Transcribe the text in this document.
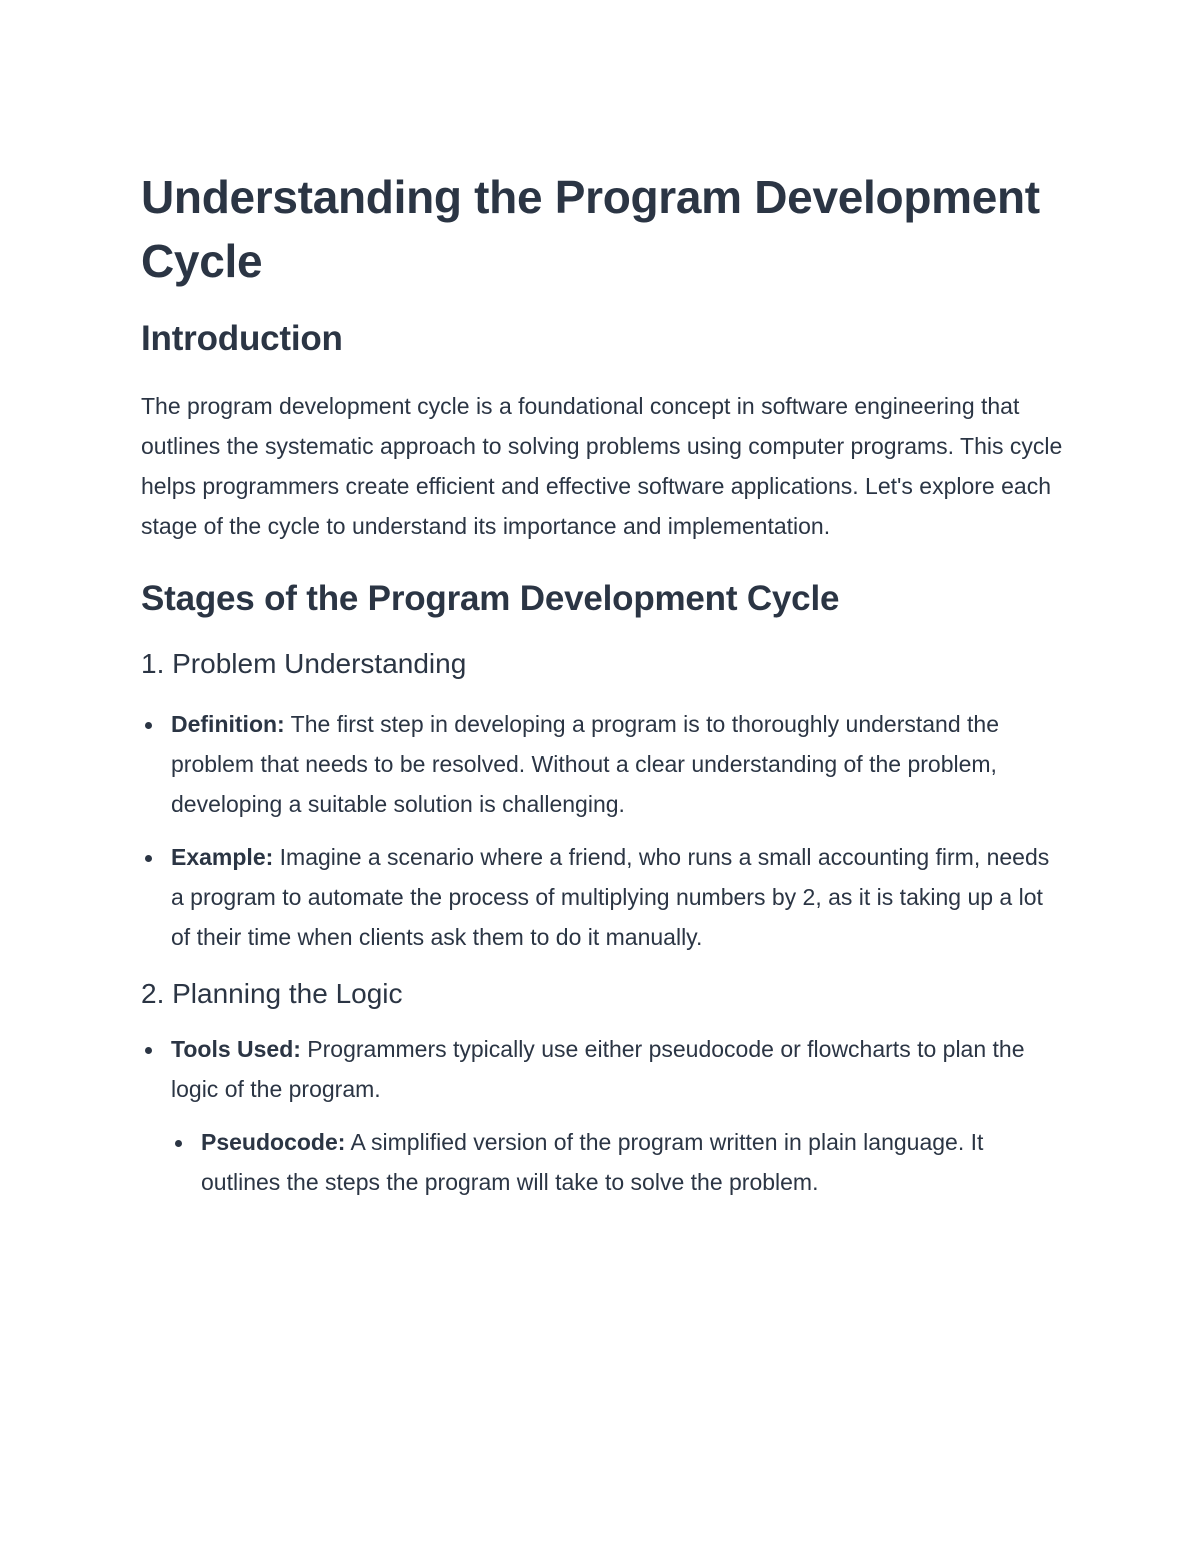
Understanding the Program Development Cycle
Introduction

The program development cycle is a foundational concept in software engineering that outlines the systematic approach to solving problems using computer programs. This cycle helps programmers create efficient and effective software applications. Let's explore each stage of the cycle to understand its importance and implementation.

Stages of the Program Development Cycle
1. Problem Understanding
Definition: The first step in developing a program is to thoroughly understand the problem that needs to be resolved. Without a clear understanding of the problem, developing a suitable solution is challenging.
Example: Imagine a scenario where a friend, who runs a small accounting firm, needs a program to automate the process of multiplying numbers by 2, as it is taking up a lot of their time when clients ask them to do it manually.
2. Planning the Logic
Tools Used: Programmers typically use either pseudocode or flowcharts to plan the logic of the program.
Pseudocode: A simplified version of the program written in plain language. It outlines the steps the program will take to solve the problem.
